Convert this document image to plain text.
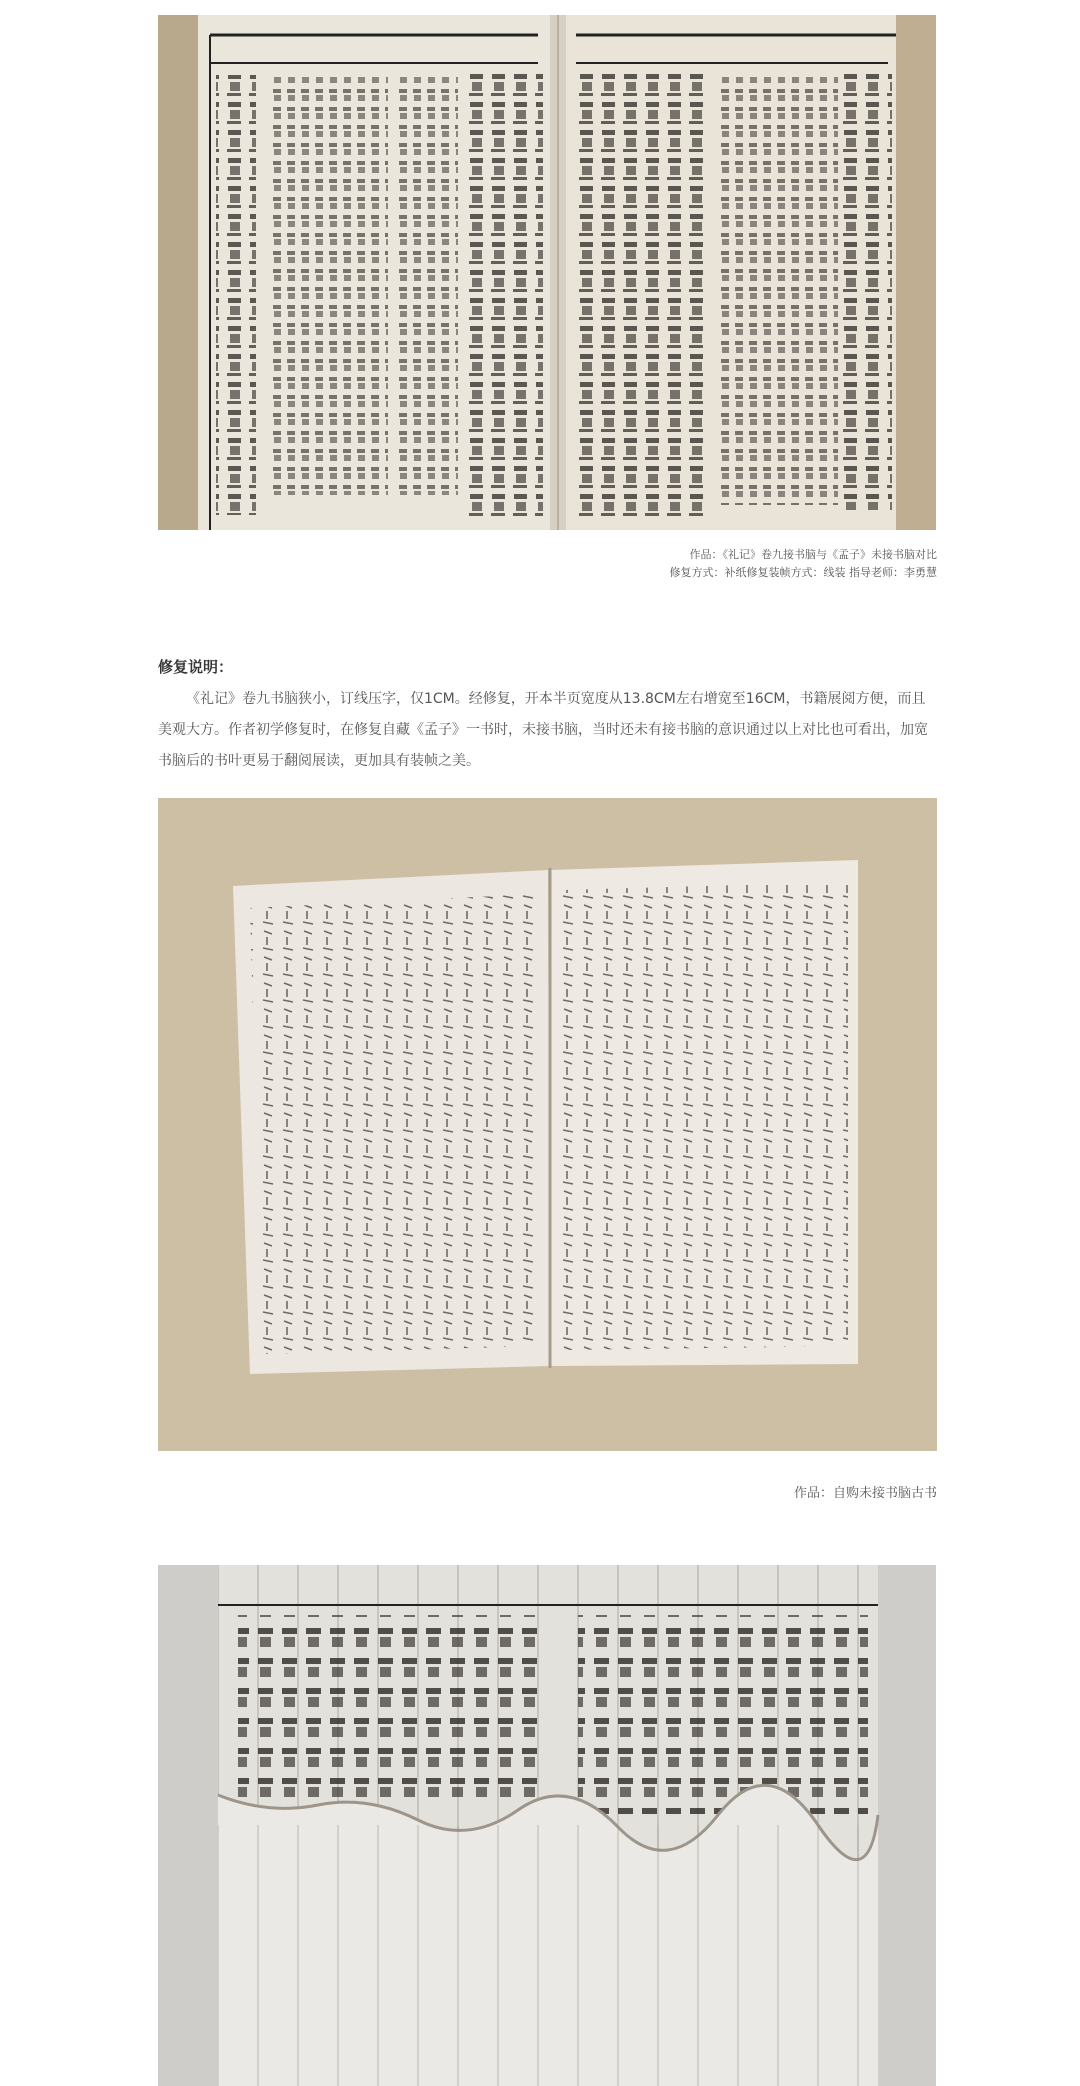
作品：《礼记》卷九接书脑与《孟子》未接书脑对比
修复方式：补纸修复装帧方式：线装 指导老师：李勇慧
修复说明：
《礼记》卷九书脑狭小，订线压字，仅1CM。经修复，开本半页宽度从13.8CM左右增宽至16CM，书籍展阅方便，而且美观大方。作者初学修复时，在修复自藏《孟子》一书时，未接书脑，当时还未有接书脑的意识通过以上对比也可看出，加宽书脑后的书叶更易于翻阅展读，更加具有装帧之美。
作品：自购未接书脑古书
